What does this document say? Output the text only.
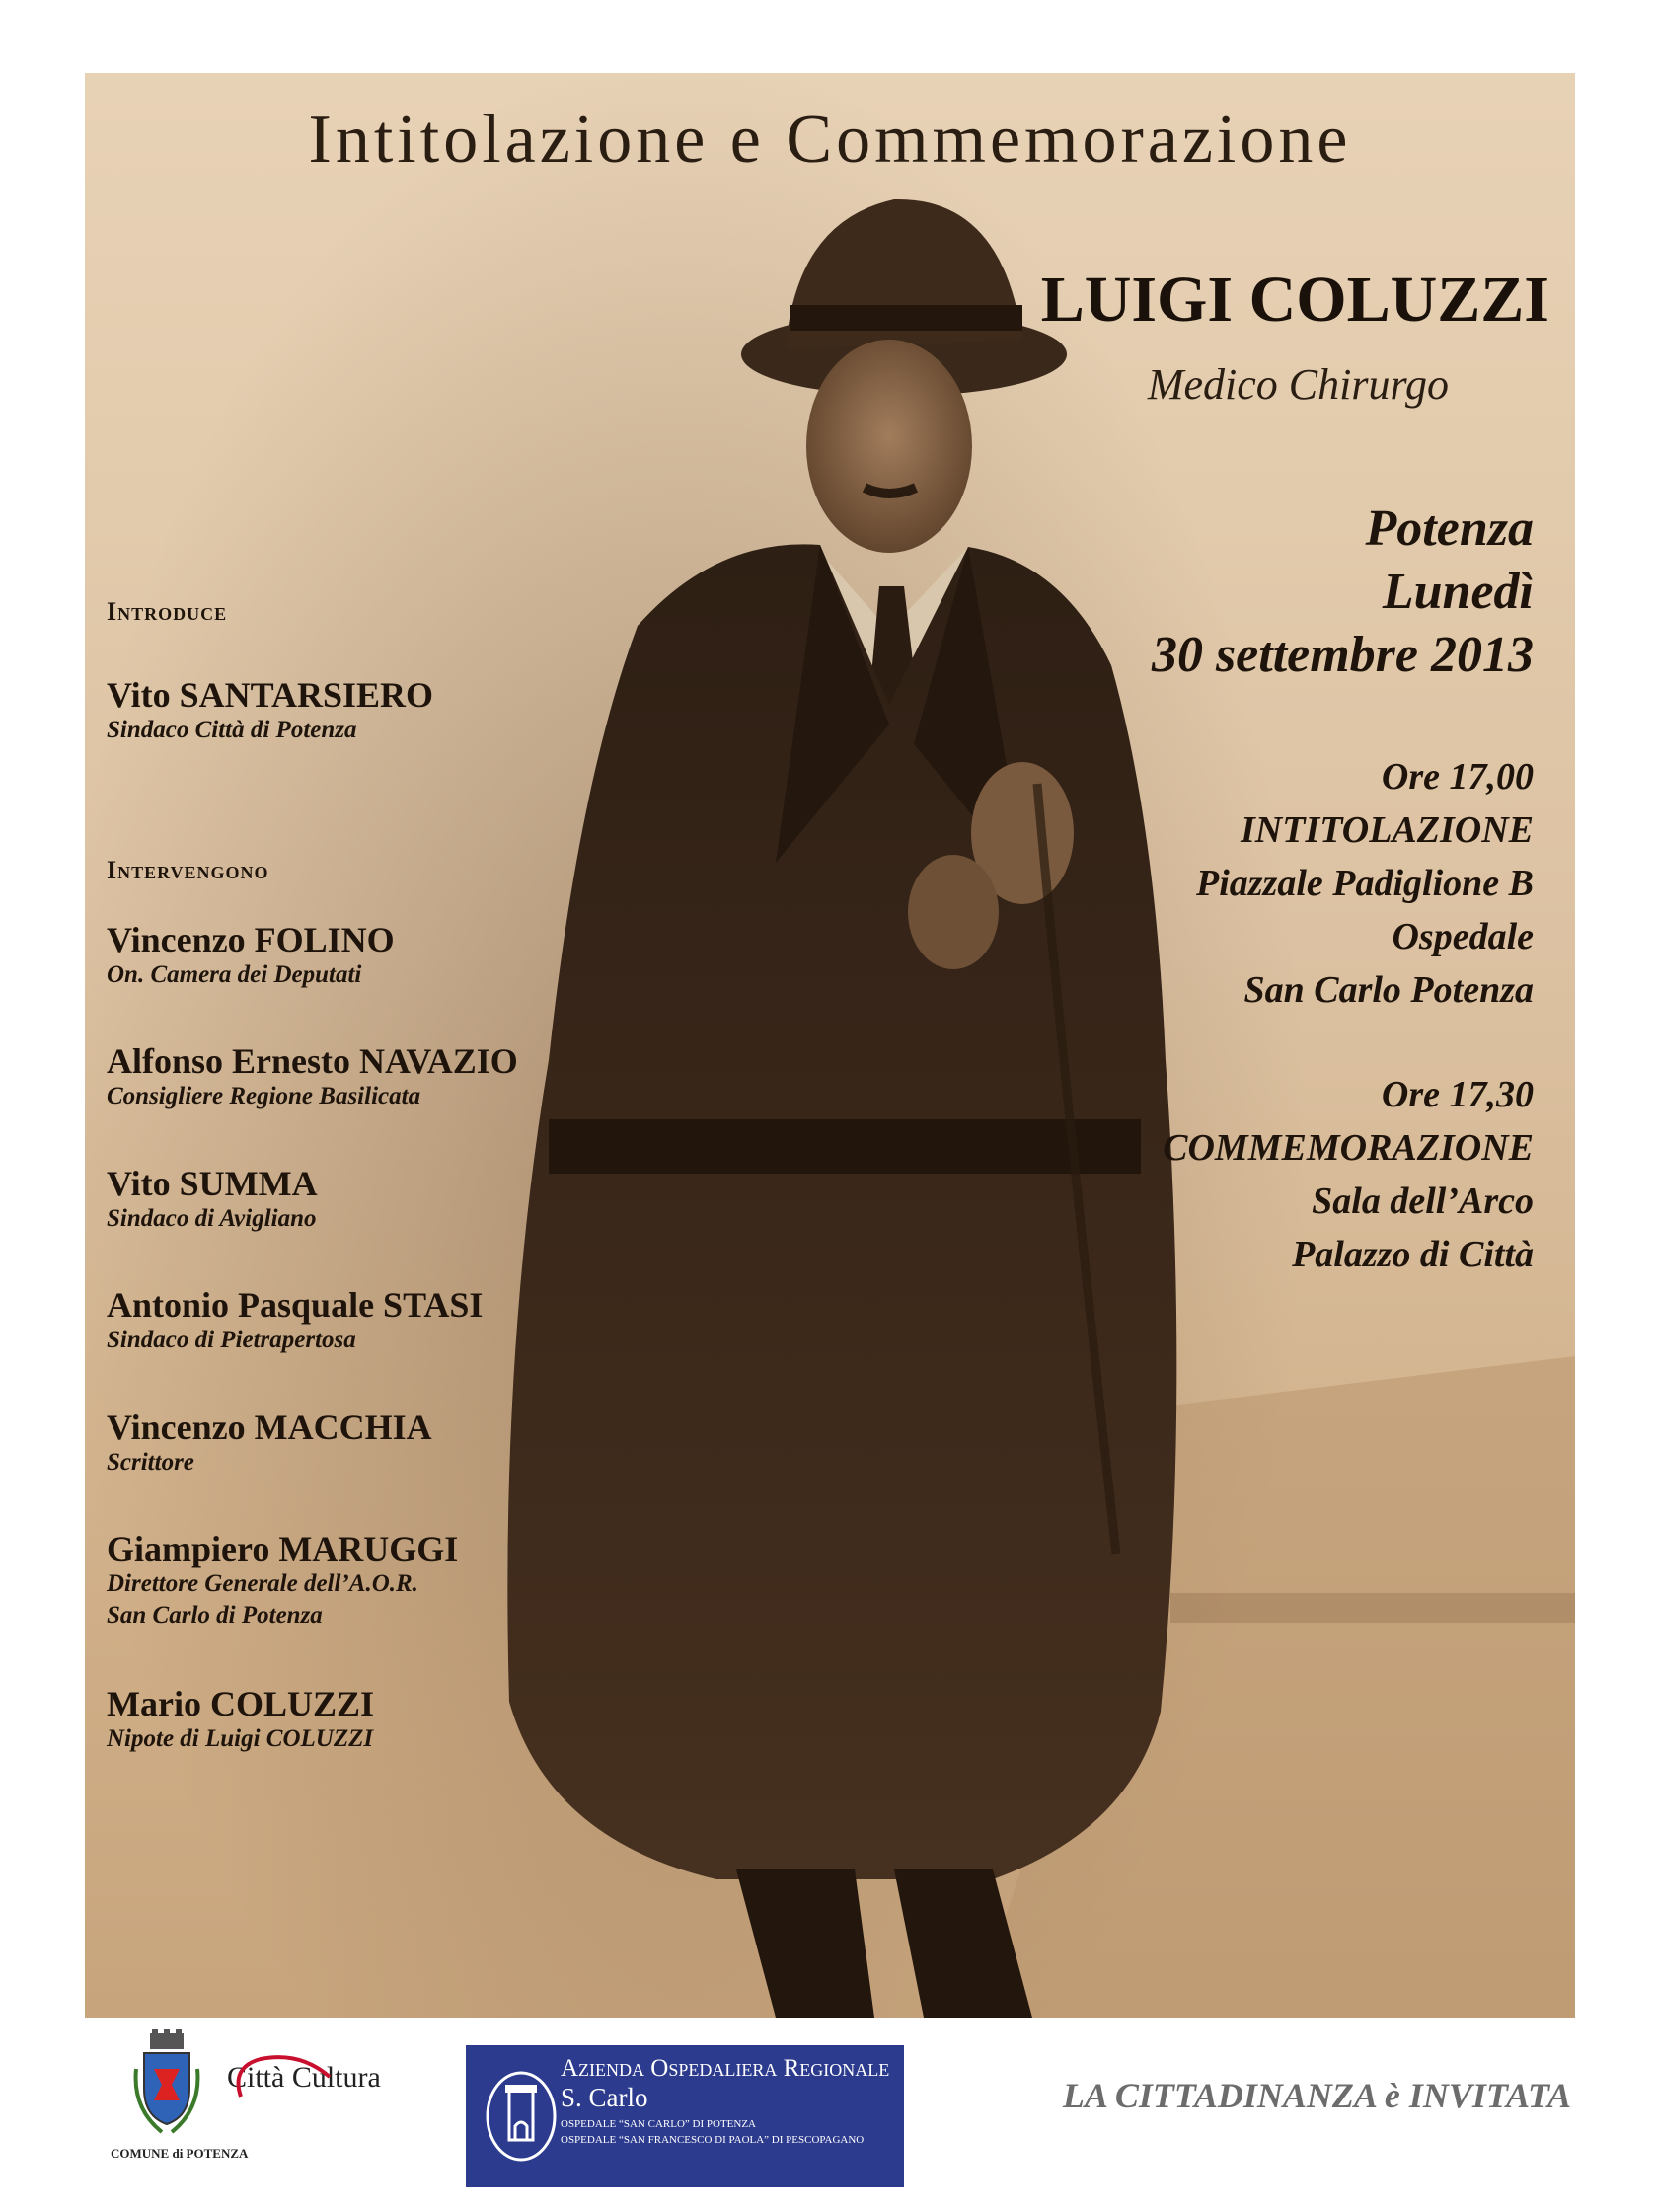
Intitolazione e Commemorazione
LUIGI COLUZZI
Medico Chirurgo
Potenza
Lunedì
30 settembre 2013
Ore 17,00
INTITOLAZIONE
Piazzale Padiglione B
Ospedale
San Carlo Potenza
Ore 17,30
COMMEMORAZIONE
Sala dell’Arco
Palazzo di Città
Introduce
Vito SANTARSIERO
Sindaco Città di Potenza
Intervengono
Vincenzo FOLINO
On. Camera dei Deputati
Alfonso Ernesto NAVAZIO
Consigliere Regione Basilicata
Vito SUMMA
Sindaco di Avigliano
Antonio Pasquale STASI
Sindaco di Pietrapertosa
Vincenzo MACCHIA
Scrittore
Giampiero MARUGGI
Direttore Generale dell’A.O.R.
San Carlo di Potenza
Mario COLUZZI
Nipote di Luigi COLUZZI
COMUNE di POTENZA
Città Cultura	Azienda Ospedaliera Regionale
S. Carlo
OSPEDALE “SAN CARLO” DI POTENZA
OSPEDALE “SAN FRANCESCO DI PAOLA” DI PESCOPAGANO
LA CITTADINANZA è INVITATA
